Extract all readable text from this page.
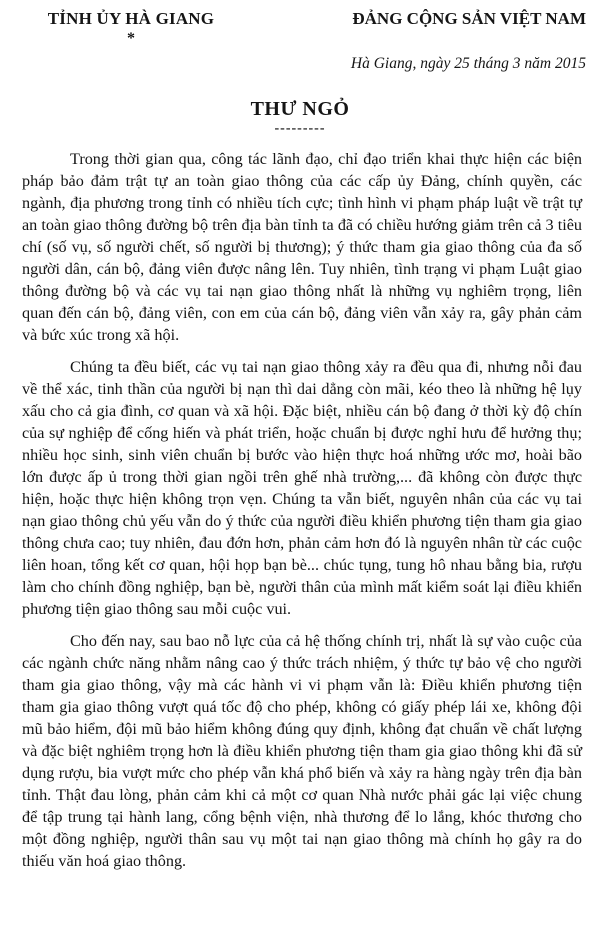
TỈNH ỦY HÀ GIANG
*
ĐẢNG CỘNG SẢN VIỆT NAM
Hà Giang, ngày 25 tháng 3 năm 2015
THƯ NGỎ
---------

Trong thời gian qua, công tác lãnh đạo, chỉ đạo triển khai thực hiện các biện pháp bảo đảm trật tự an toàn giao thông của các cấp ủy Đảng, chính quyền, các ngành, địa phương trong tỉnh có nhiều tích cực; tình hình vi phạm pháp luật về trật tự an toàn giao thông đường bộ trên địa bàn tỉnh ta đã có chiều hướng giảm trên cả 3 tiêu chí (số vụ, số người chết, số người bị thương); ý thức tham gia giao thông của đa số người dân, cán bộ, đảng viên được nâng lên. Tuy nhiên, tình trạng vi phạm Luật giao thông đường bộ và các vụ tai nạn giao thông nhất là những vụ nghiêm trọng, liên quan đến cán bộ, đảng viên, con em của cán bộ, đảng viên vẫn xảy ra, gây phản cảm và bức xúc trong xã hội.

Chúng ta đều biết, các vụ tai nạn giao thông xảy ra đều qua đi, nhưng nỗi đau về thể xác, tinh thần của người bị nạn thì dai dẳng còn mãi, kéo theo là những hệ lụy xấu cho cả gia đình, cơ quan và xã hội. Đặc biệt, nhiều cán bộ đang ở thời kỳ độ chín của sự nghiệp để cống hiến và phát triển, hoặc chuẩn bị được nghỉ hưu để hưởng thụ; nhiều học sinh, sinh viên chuẩn bị bước vào hiện thực hoá những ước mơ, hoài bão lớn được ấp ủ trong thời gian ngồi trên ghế nhà trường,... đã không còn được thực hiện, hoặc thực hiện không trọn vẹn. Chúng ta vẫn biết, nguyên nhân của các vụ tai nạn giao thông chủ yếu vẫn do ý thức của người điều khiển phương tiện tham gia giao thông chưa cao; tuy nhiên, đau đớn hơn, phản cảm hơn đó là nguyên nhân từ các cuộc liên hoan, tổng kết cơ quan, hội họp bạn bè... chúc tụng, tung hô nhau bằng bia, rượu làm cho chính đồng nghiệp, bạn bè, người thân của mình mất kiểm soát lại điều khiển phương tiện giao thông sau mỗi cuộc vui.

Cho đến nay, sau bao nỗ lực của cả hệ thống chính trị, nhất là sự vào cuộc của các ngành chức năng nhằm nâng cao ý thức trách nhiệm, ý thức tự bảo vệ cho người tham gia giao thông, vậy mà các hành vi vi phạm vẫn là: Điều khiển phương tiện tham gia giao thông vượt quá tốc độ cho phép, không có giấy phép lái xe, không đội mũ bảo hiểm, đội mũ bảo hiểm không đúng quy định, không đạt chuẩn về chất lượng và đặc biệt nghiêm trọng hơn là điều khiển phương tiện tham gia giao thông khi đã sử dụng rượu, bia vượt mức cho phép vẫn khá phổ biến và xảy ra hàng ngày trên địa bàn tỉnh. Thật đau lòng, phản cảm khi cả một cơ quan Nhà nước phải gác lại việc chung để tập trung tại hành lang, cổng bệnh viện, nhà thương để lo lắng, khóc thương cho một đồng nghiệp, người thân sau vụ một tai nạn giao thông mà chính họ gây ra do thiếu văn hoá giao thông.
